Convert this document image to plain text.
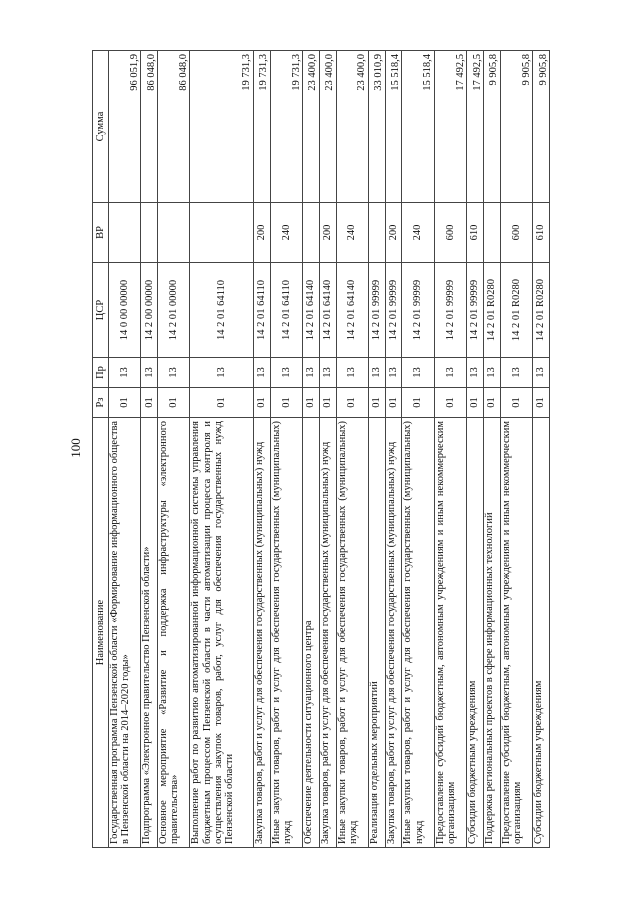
100
Наименование	Рз	Пр	ЦСР	ВР	Сумма
Государственная программа Пензенской области «Формирование информационного общества в Пензенской области на 2014–2020 годы»	01	13	14 0 00 00000		96 051,9
Подпрограмма «Электронное правительство Пензенской области»	01	13	14 2 00 00000		86 048,0
Основное мероприятие «Развитие и поддержка инфраструктуры «электронного правительства»	01	13	14 2 01 00000		86 048,0
Выполнение работ по развитию автоматизированной информационной системы управления бюджетным процессом Пензенской области в части автоматизации процесса контроля и осуществления закупок товаров, работ, услуг для обеспечения государственных нужд Пензенской области	01	13	14 2 01 64110		19 731,3
Закупка товаров, работ и услуг для обеспечения государственных (муниципальных) нужд	01	13	14 2 01 64110	200	19 731,3
Иные закупки товаров, работ и услуг для обеспечения государственных (муниципальных) нужд	01	13	14 2 01 64110	240	19 731,3
Обеспечение деятельности ситуационного центра	01	13	14 2 01 64140		23 400,0
Закупка товаров, работ и услуг для обеспечения государственных (муниципальных) нужд	01	13	14 2 01 64140	200	23 400,0
Иные закупки товаров, работ и услуг для обеспечения государственных (муниципальных) нужд	01	13	14 2 01 64140	240	23 400,0
Реализация отдельных мероприятий	01	13	14 2 01 99999		33 010,9
Закупка товаров, работ и услуг для обеспечения государственных (муниципальных) нужд	01	13	14 2 01 99999	200	15 518,4
Иные закупки товаров, работ и услуг для обеспечения государственных (муниципальных) нужд	01	13	14 2 01 99999	240	15 518,4
Предоставление субсидий бюджетным, автономным учреждениям и иным некоммерческим организациям	01	13	14 2 01 99999	600	17 492,5
Субсидии бюджетным учреждениям	01	13	14 2 01 99999	610	17 492,5
Поддержка региональных проектов в сфере информационных технологий	01	13	14 2 01 R0280		9 905,8
Предоставление субсидий бюджетным, автономным учреждениям и иным некоммерческим организациям	01	13	14 2 01 R0280	600	9 905,8
Субсидии бюджетным учреждениям	01	13	14 2 01 R0280	610	9 905,8
